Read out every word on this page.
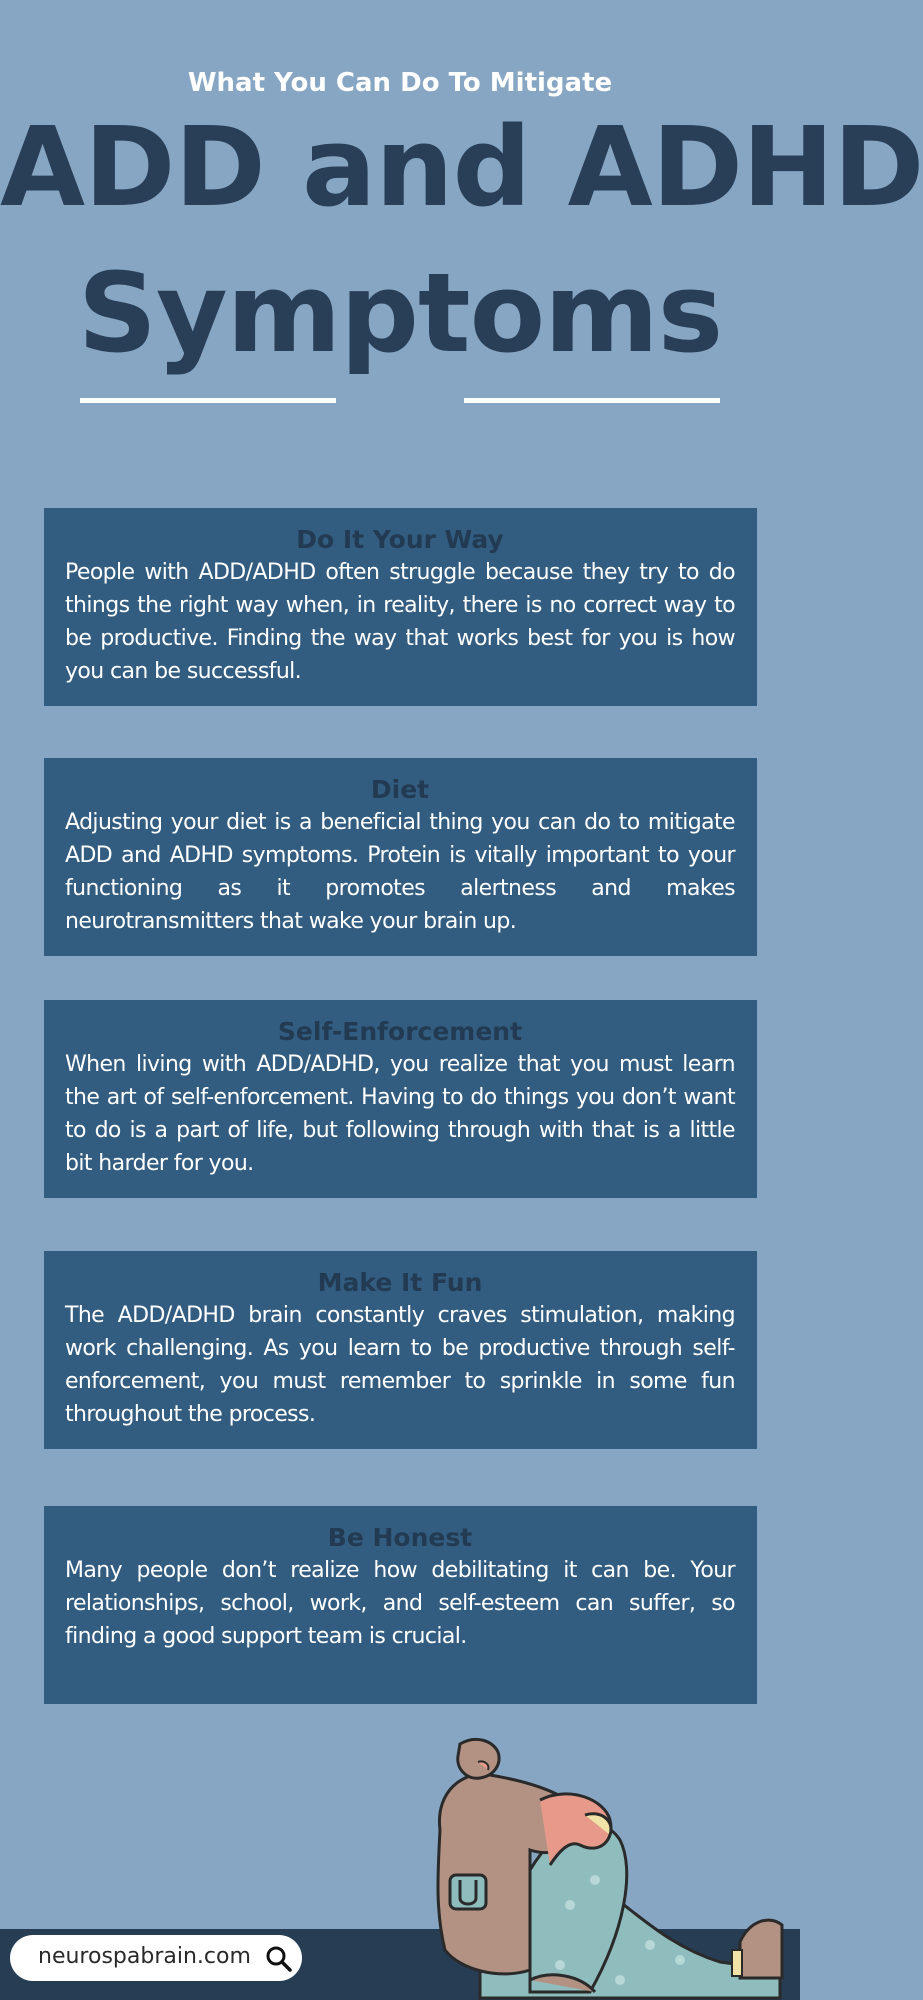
What You Can Do To Mitigate
ADD and ADHD
Symptoms
Do It Your Way

People with ADD/ADHD often struggle because they try to do things the right way when, in reality, there is no correct way to be productive. Finding the way that works best for you is how you can be successful.

Diet

Adjusting your diet is a beneficial thing you can do to mitigate ADD and ADHD symptoms. Protein is vitally important to your functioning as it promotes alertness and makes neurotransmitters that wake your brain up.

Self-Enforcement

When living with ADD/ADHD, you realize that you must learn the art of self-enforcement. Having to do things you don’t want to do is a part of life, but following through with that is a little bit harder for you.

Make It Fun

The ADD/ADHD brain constantly craves stimulation, making work challenging. As you learn to be productive through self-enforcement, you must remember to sprinkle in some fun throughout the process.

Be Honest

Many people don’t realize how debilitating it can be. Your relationships, school, work, and self-esteem can suffer, so finding a good support team is crucial.

neurospabrain.com
